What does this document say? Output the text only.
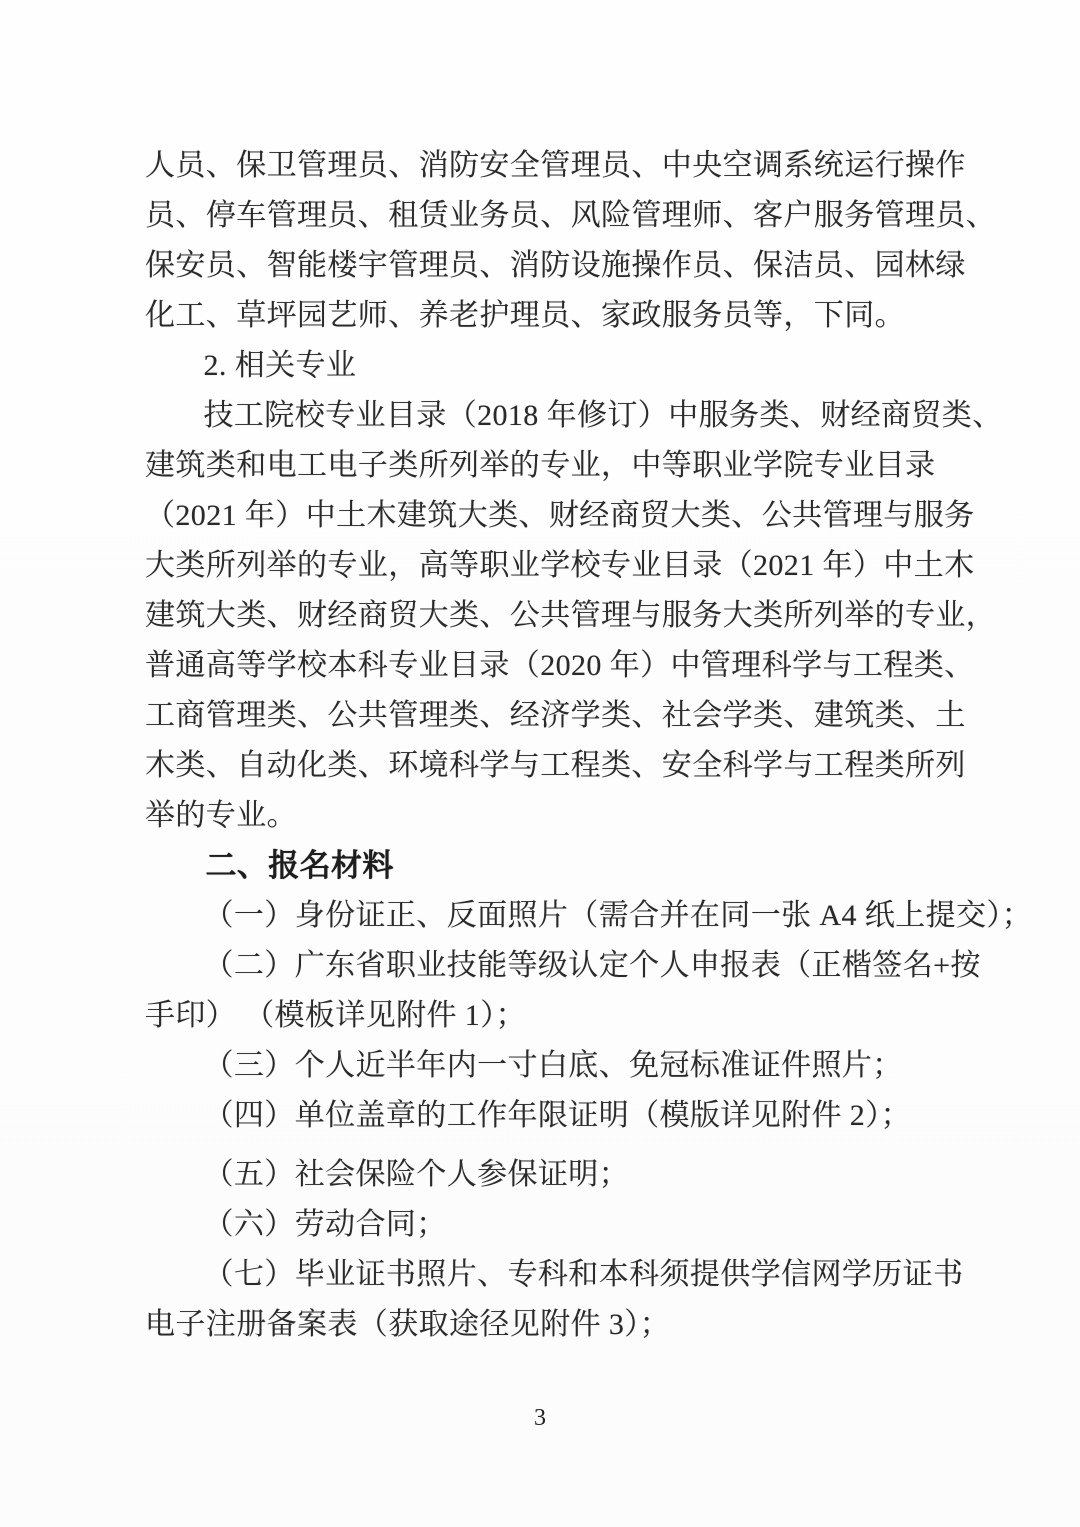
人员、保卫管理员、消防安全管理员、中央空调系统运行操作
员、停车管理员、租赁业务员、风险管理师、客户服务管理员、
保安员、智能楼宇管理员、消防设施操作员、保洁员、园林绿
化工、草坪园艺师、养老护理员、家政服务员等，下同。
2. 相关专业
技工院校专业目录（2018 年修订）中服务类、财经商贸类、
建筑类和电工电子类所列举的专业，中等职业学院专业目录
（2021 年）中土木建筑大类、财经商贸大类、公共管理与服务
大类所列举的专业，高等职业学校专业目录（2021 年）中土木
建筑大类、财经商贸大类、公共管理与服务大类所列举的专业，
普通高等学校本科专业目录（2020 年）中管理科学与工程类、
工商管理类、公共管理类、经济学类、社会学类、建筑类、土
木类、自动化类、环境科学与工程类、安全科学与工程类所列
举的专业。
二、报名材料
（一）身份证正、反面照片（需合并在同一张 A4 纸上提交）；
（二）广东省职业技能等级认定个人申报表（正楷签名+按
手印） （模板详见附件 1）；
（三）个人近半年内一寸白底、免冠标准证件照片；
（四）单位盖章的工作年限证明（模版详见附件 2）；
（五）社会保险个人参保证明；
（六）劳动合同；
（七）毕业证书照片、专科和本科须提供学信网学历证书
电子注册备案表（获取途径见附件 3）；
3
